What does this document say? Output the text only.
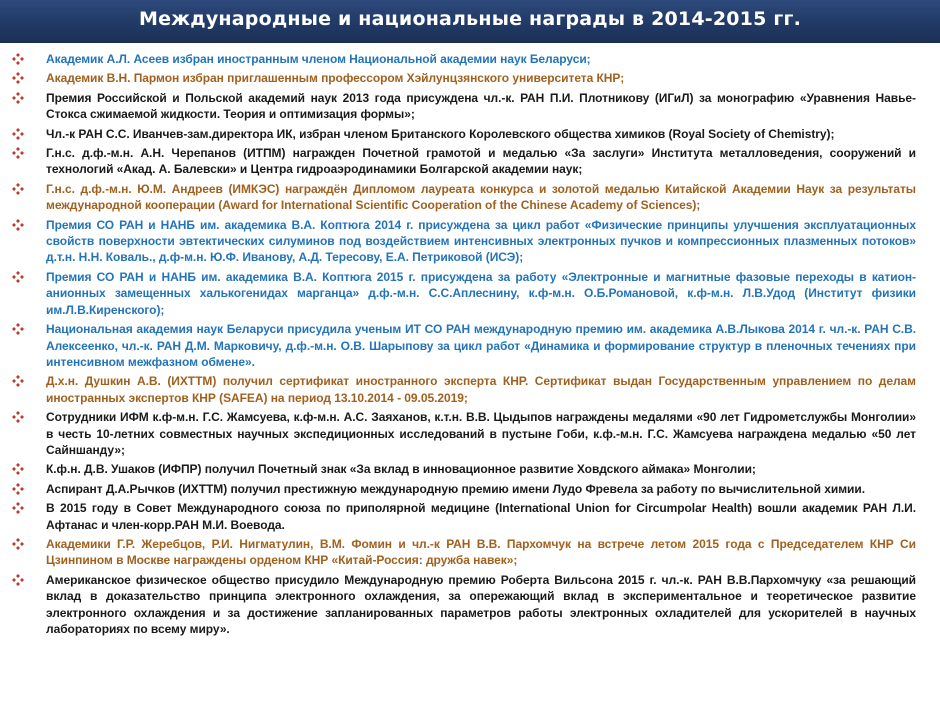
Международные и национальные награды в 2014-2015 гг.
Академик А.Л. Асеев избран иностранным членом Национальной академии наук Беларуси;
Академик В.Н. Пармон избран приглашенным профессором Хэйлунцзянского университета КНР;
Премия Российской и Польской академий наук 2013 года присуждена чл.-к. РАН П.И. Плотникову (ИГиЛ) за монографию «Уравнения Навье-Стокса сжимаемой жидкости. Теория и оптимизация формы»;
Чл.-к РАН С.С. Иванчев-зам.директора ИК, избран членом Британского Королевского общества химиков (Royal Society of Chemistry);
Г.н.с. д.ф.-м.н. А.Н. Черепанов (ИТПМ) награжден Почетной грамотой и медалью «За заслуги» Института металловедения, сооружений и технологий «Акад. А. Балевски» и Центра гидроаэродинамики Болгарской академии наук;
Г.н.с. д.ф.-м.н. Ю.М. Андреев (ИМКЭС) награждён Дипломом лауреата конкурса и золотой медалью Китайской Академии Наук за результаты международной кооперации (Award for International Scientific Cooperation of the Chinese Academy of Sciences);
Премия СО РАН и НАНБ им. академика В.А. Коптюга 2014 г. присуждена за цикл работ «Физические принципы улучшения эксплуатационных свойств поверхности эвтектических силуминов под воздействием интенсивных электронных пучков и компрессионных плазменных потоков» д.т.н. Н.Н. Коваль., д.ф-м.н. Ю.Ф. Иванову, А.Д. Тересову, Е.А. Петриковой (ИСЭ);
Премия СО РАН и НАНБ им. академика В.А. Коптюга 2015 г. присуждена за работу «Электронные и магнитные фазовые переходы в катион-анионных замещенных халькогенидах марганца» д.ф.-м.н. С.С.Аплеснину, к.ф-м.н. О.Б.Романовой, к.ф-м.н. Л.В.Удод (Институт физики им.Л.В.Киренского);
Национальная академия наук Беларуси присудила ученым ИТ СО РАН международную премию им. академика А.В.Лыкова 2014 г. чл.-к. РАН С.В. Алексеенко, чл.-к. РАН Д.М. Марковичу, д.ф.-м.н. О.В. Шарыпову за цикл работ «Динамика и формирование структур в пленочных течениях при интенсивном межфазном обмене».
Д.х.н. Душкин А.В. (ИХТТМ) получил сертификат иностранного эксперта КНР. Сертификат выдан Государственным управлением по делам иностранных экспертов КНР (SAFEA) на период 13.10.2014 - 09.05.2019;
Сотрудники ИФМ к.ф-м.н. Г.С. Жамсуева, к.ф-м.н. А.С. Заяханов, к.т.н. В.В. Цыдыпов награждены медалями «90 лет Гидрометслужбы Монголии» в честь 10-летних совместных научных экспедиционных исследований в пустыне Гоби, к.ф.-м.н. Г.С. Жамсуева награждена медалью «50 лет Сайншанду»;
К.ф.н. Д.В. Ушаков (ИФПР) получил Почетный знак «За вклад в инновационное развитие Ховдского аймака» Монголии;
Аспирант Д.А.Рычков (ИХТТМ) получил престижную международную премию имени Лудо Фревела за работу по вычислительной химии.
В 2015 году в Совет Международного союза по приполярной медицине (International Union for Circumpolar Health) вошли академик РАН Л.И. Афтанас и член-корр.РАН М.И. Воевода.
Академики Г.Р. Жеребцов, Р.И. Нигматулин, В.М. Фомин и чл.-к РАН В.В. Пархомчук на встрече летом 2015 года с Председателем КНР Си Цзинпином в Москве награждены орденом КНР «Китай-Россия: дружба навек»;
Американское физическое общество присудило Международную премию Роберта Вильсона 2015 г. чл.-к. РАН В.В.Пархомчуку «за решающий вклад в доказательство принципа электронного охлаждения, за опережающий вклад в экспериментальное и теоретическое развитие электронного охлаждения и за достижение запланированных параметров работы электронных охладителей для ускорителей в научных лабораториях по всему миру».
